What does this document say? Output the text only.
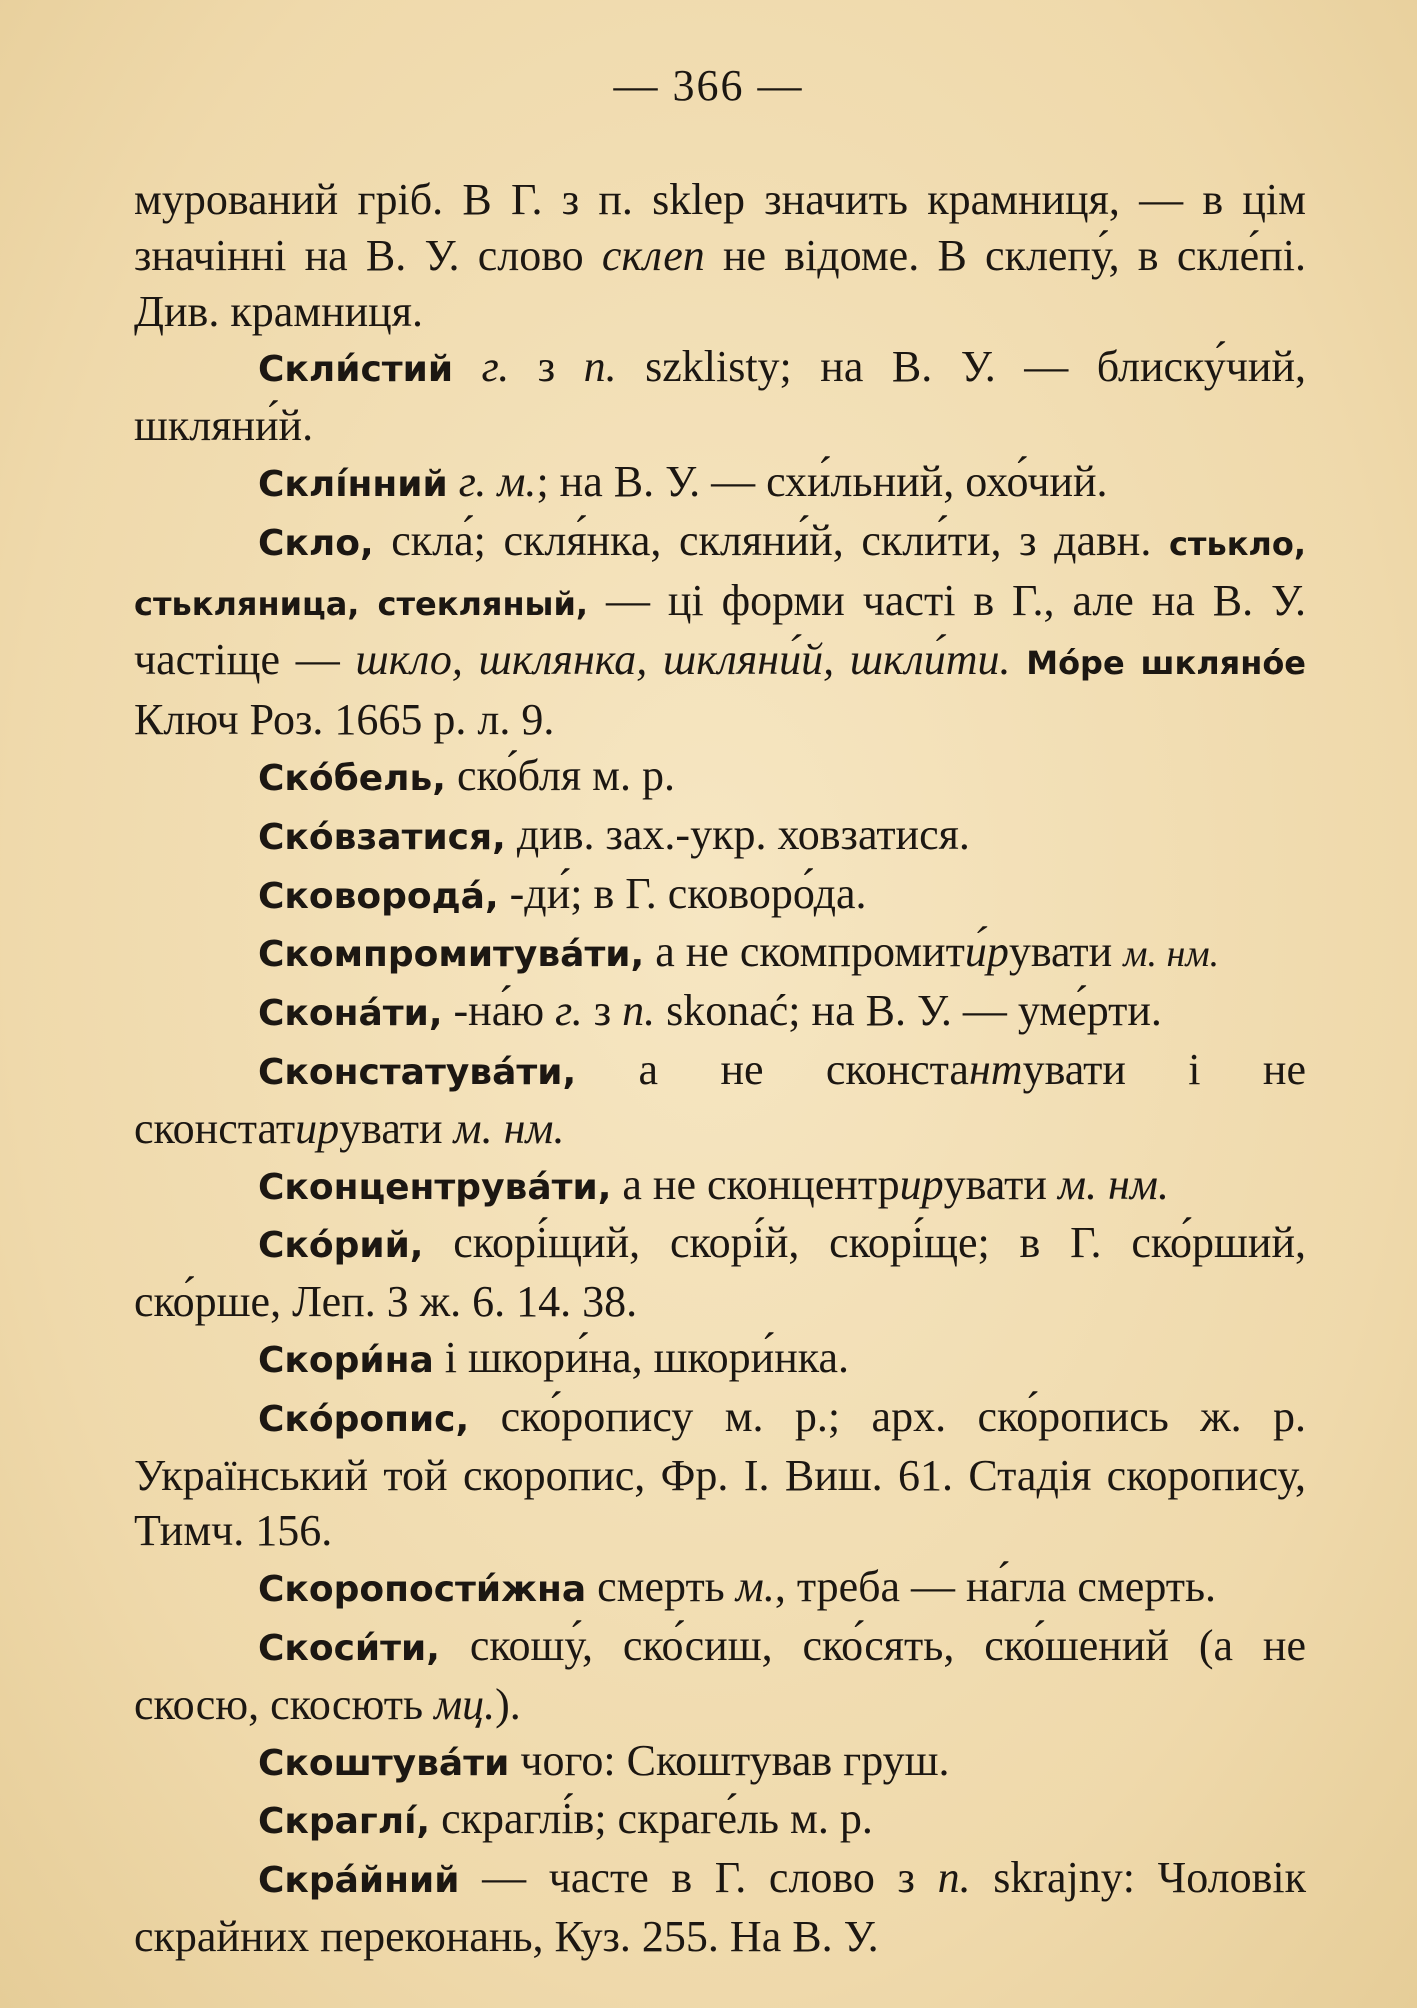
— 366 —

мурований гріб. В Г. з п. sklep значить крамниця, — в цім значінні на В. У. слово склеп не відоме. В склепу́, в скле́пі. Див. крамниця.

Скли́стий г. з п. szklisty; на В. У. — блиску́чий, шкляни́й.

Склі́нний г. м.; на В. У. — схи́льний, охо́чий.

Скло, скла́; скля́нка, скляни́й, скли́ти, з давн. стькло, стькляница, стекляный, — ці форми часті в Г., але на В. У. частіще — шкло, шклянка, шкляни́й, шкли́ти. Мо́ре шкляно́е Ключ Роз. 1665 р. л. 9.

Ско́бель, ско́бля м. р.

Ско́взатися, див. зах.-укр. ховзатися.

Сковорода́, -ди́; в Г. сковоро́да.

Скомпромитува́ти, а не скомпромити́рувати м. нм.

Скона́ти, -на́ю г. з п. skonać; на В. У. — уме́рти.

Сконстатува́ти, а не сконстантувати і не сконстатирувати м. нм.

Сконцентрува́ти, а не сконцентрирувати м. нм.

Ско́рий, скорі́щий, скорі́й, скорі́ще; в Г. ско́рший, ско́рше, Леп. З ж. 6. 14. 38.

Скори́на і шкори́на, шкори́нка.

Ско́ропис, ско́ропису м. р.; арх. ско́ропись ж. р. Український той скоропис, Фр. І. Виш. 61. Стадія скоропису, Тимч. 156.

Скоропости́жна смерть м., треба — на́гла смерть.

Скоси́ти, скошу́, ско́сиш, ско́сять, ско́шений (а не скосю, скосють мц.).

Скоштува́ти чого: Скоштував груш.

Скраглі́, скраглі́в; скраге́ль м. р.

Скра́йний — часте в Г. слово з п. skrajny: Чоловік скрайних переконань, Куз. 255. На В. У.
